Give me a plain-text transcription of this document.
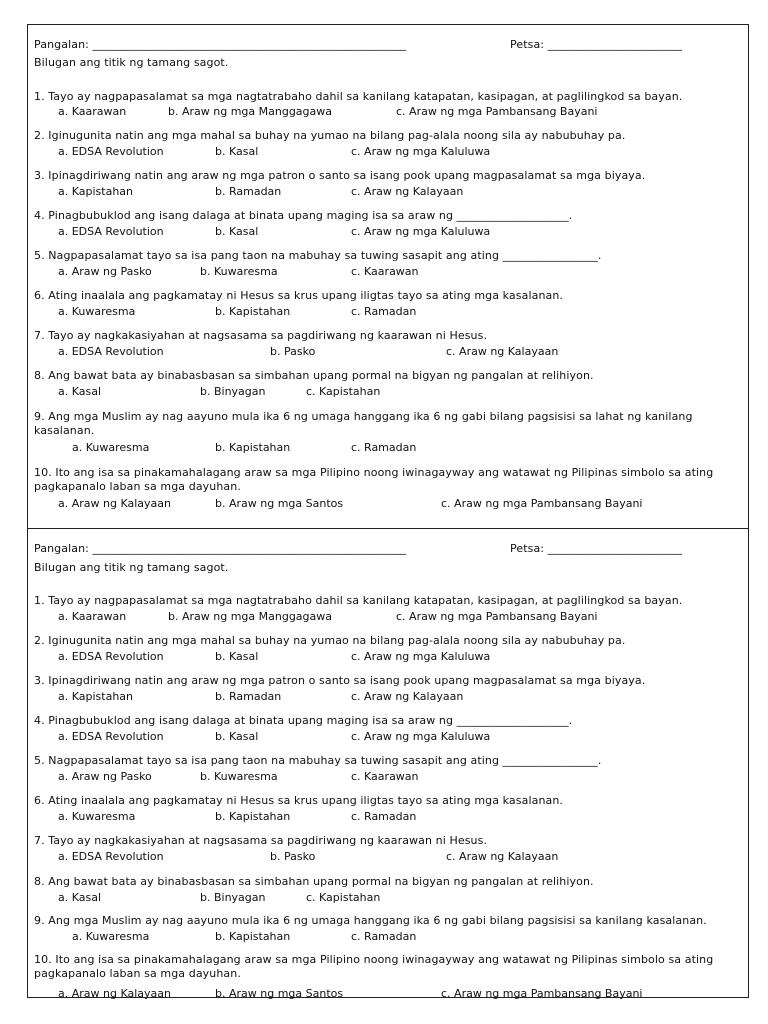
Pangalan: ________________________________________________________	Petsa: ________________________
Bilugan ang titik ng tamang sagot.
1. Tayo ay nagpapasalamat sa mga nagtatrabaho dahil sa kanilang katapatan, kasipagan, at paglilingkod sa bayan.
a. Kaarawan	b. Araw ng mga Manggagawa	c. Araw ng mga Pambansang Bayani
2. Iginugunita natin ang mga mahal sa buhay na yumao na bilang pag-alala noong sila ay nabubuhay pa.
a. EDSA Revolution	b. Kasal	c. Araw ng mga Kaluluwa
3. Ipinagdiriwang natin ang araw ng mga patron o santo sa isang pook upang magpasalamat sa mga biyaya.
a. Kapistahan	b. Ramadan	c. Araw ng Kalayaan
4. Pinagbubuklod ang isang dalaga at binata upang maging isa sa araw ng ____________________.
a. EDSA Revolution	b. Kasal	c. Araw ng mga Kaluluwa
5. Nagpapasalamat tayo sa isa pang taon na mabuhay sa tuwing sasapit ang ating _________________.
a. Araw ng Pasko	b. Kuwaresma	c. Kaarawan
6. Ating inaalala ang pagkamatay ni Hesus sa krus upang iligtas tayo sa ating mga kasalanan.
a. Kuwaresma	b. Kapistahan	c. Ramadan
7. Tayo ay nagkakasiyahan at nagsasama sa pagdiriwang ng kaarawan ni Hesus.
a. EDSA Revolution	b. Pasko	c. Araw ng Kalayaan
8. Ang bawat bata ay binabasbasan sa simbahan upang pormal na bigyan ng pangalan at relihiyon.
a. Kasal	b. Binyagan	c. Kapistahan
9. Ang mga Muslim ay nag aayuno mula ika 6 ng umaga hanggang ika 6 ng gabi bilang pagsisisi sa lahat ng kanilang kasalanan.
a. Kuwaresma	b. Kapistahan	c. Ramadan
10. Ito ang isa sa pinakamahalagang araw sa mga Pilipino noong iwinagayway ang watawat ng Pilipinas simbolo sa ating pagkapanalo laban sa mga dayuhan.
a. Araw ng Kalayaan	b. Araw ng mga Santos	c. Araw ng mga Pambansang Bayani
Pangalan: ________________________________________________________	Petsa: ________________________
Bilugan ang titik ng tamang sagot.
1. Tayo ay nagpapasalamat sa mga nagtatrabaho dahil sa kanilang katapatan, kasipagan, at paglilingkod sa bayan.
a. Kaarawan	b. Araw ng mga Manggagawa	c. Araw ng mga Pambansang Bayani
2. Iginugunita natin ang mga mahal sa buhay na yumao na bilang pag-alala noong sila ay nabubuhay pa.
a. EDSA Revolution	b. Kasal	c. Araw ng mga Kaluluwa
3. Ipinagdiriwang natin ang araw ng mga patron o santo sa isang pook upang magpasalamat sa mga biyaya.
a. Kapistahan	b. Ramadan	c. Araw ng Kalayaan
4. Pinagbubuklod ang isang dalaga at binata upang maging isa sa araw ng ____________________.
a. EDSA Revolution	b. Kasal	c. Araw ng mga Kaluluwa
5. Nagpapasalamat tayo sa isa pang taon na mabuhay sa tuwing sasapit ang ating _________________.
a. Araw ng Pasko	b. Kuwaresma	c. Kaarawan
6. Ating inaalala ang pagkamatay ni Hesus sa krus upang iligtas tayo sa ating mga kasalanan.
a. Kuwaresma	b. Kapistahan	c. Ramadan
7. Tayo ay nagkakasiyahan at nagsasama sa pagdiriwang ng kaarawan ni Hesus.
a. EDSA Revolution	b. Pasko	c. Araw ng Kalayaan
8. Ang bawat bata ay binabasbasan sa simbahan upang pormal na bigyan ng pangalan at relihiyon.
a. Kasal	b. Binyagan	c. Kapistahan
9. Ang mga Muslim ay nag aayuno mula ika 6 ng umaga hanggang ika 6 ng gabi bilang pagsisisi sa kanilang kasalanan.
a. Kuwaresma	b. Kapistahan	c. Ramadan
10. Ito ang isa sa pinakamahalagang araw sa mga Pilipino noong iwinagayway ang watawat ng Pilipinas simbolo sa ating pagkapanalo laban sa mga dayuhan.
a. Araw ng Kalayaan	b. Araw ng mga Santos	c. Araw ng mga Pambansang Bayani
